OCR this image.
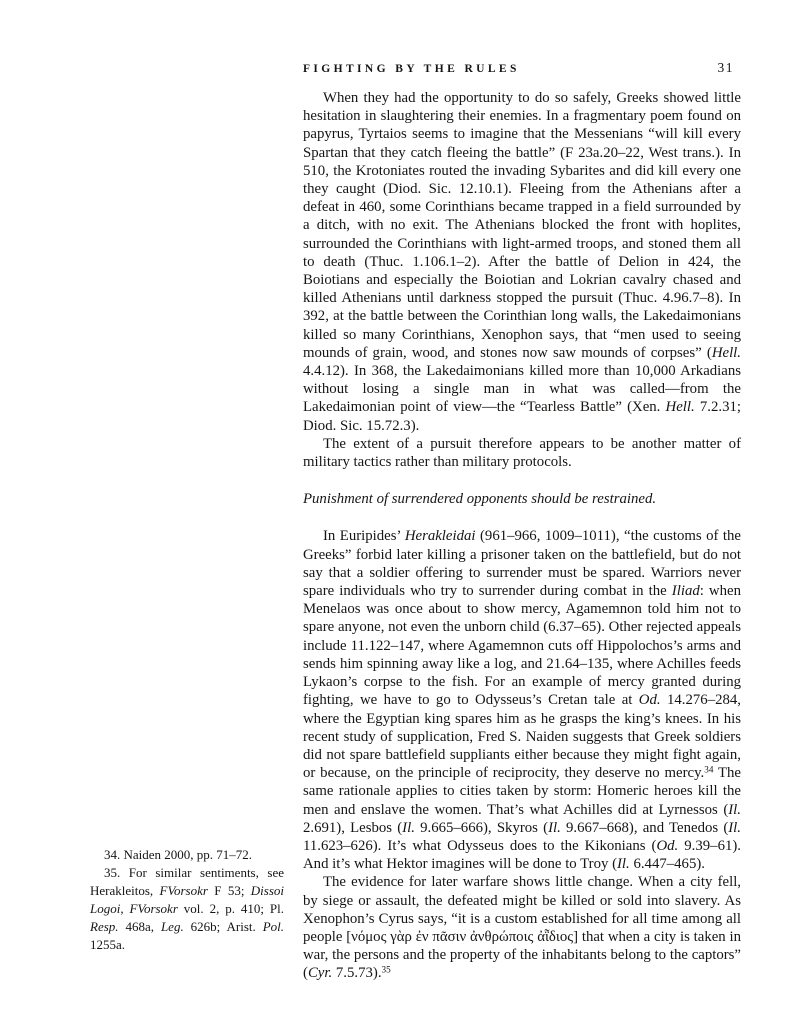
FIGHTING BY THE RULES	31

34. Naiden 2000, pp. 71–72.

35. For similar sentiments, see Herakleitos, FVorsokr F 53; Dissoi Logoi, FVorsokr vol. 2, p. 410; Pl. Resp. 468a, Leg. 626b; Arist. Pol. 1255a.

When they had the opportunity to do so safely, Greeks showed little hesitation in slaughtering their enemies. In a fragmentary poem found on papyrus, Tyrtaios seems to imagine that the Messenians “will kill every Spartan that they catch fleeing the battle” (F 23a.20–22, West trans.). In 510, the Krotoniates routed the invading Sybarites and did kill every one they caught (Diod. Sic. 12.10.1). Fleeing from the Athenians after a defeat in 460, some Corinthians became trapped in a field surrounded by a ditch, with no exit. The Athenians blocked the front with hoplites, surrounded the Corinthians with light-armed troops, and stoned them all to death (Thuc. 1.106.1–2). After the battle of Delion in 424, the Boiotians and especially the Boiotian and Lokrian cavalry chased and killed Athenians until darkness stopped the pursuit (Thuc. 4.96.7–8). In 392, at the battle between the Corinthian long walls, the Lakedaimonians killed so many Corinthians, Xenophon says, that “men used to seeing mounds of grain, wood, and stones now saw mounds of corpses” (Hell. 4.4.12). In 368, the Lakedaimonians killed more than 10,000 Arkadians without losing a single man in what was called—from the Lakedaimonian point of view—the “Tearless Battle” (Xen. Hell. 7.2.31; Diod. Sic. 15.72.3).

The extent of a pursuit therefore appears to be another matter of military tactics rather than military protocols.

Punishment of surrendered opponents should be restrained.

In Euripides’ Herakleidai (961–966, 1009–1011), “the customs of the Greeks” forbid later killing a prisoner taken on the battlefield, but do not say that a soldier offering to surrender must be spared. Warriors never spare individuals who try to surrender during combat in the Iliad: when Menelaos was once about to show mercy, Agamemnon told him not to spare anyone, not even the unborn child (6.37–65). Other rejected appeals include 11.122–147, where Agamemnon cuts off Hippolochos’s arms and sends him spinning away like a log, and 21.64–135, where Achilles feeds Lykaon’s corpse to the fish. For an example of mercy granted during fighting, we have to go to Odysseus’s Cretan tale at Od. 14.276–284, where the Egyptian king spares him as he grasps the king’s knees. In his recent study of supplication, Fred S. Naiden suggests that Greek soldiers did not spare battlefield suppliants either because they might fight again, or because, on the principle of reciprocity, they deserve no mercy.$^{34}$ The same rationale applies to cities taken by storm: Homeric heroes kill the men and enslave the women. That’s what Achilles did at Lyrnessos (Il. 2.691), Lesbos (Il. 9.665–666), Skyros (Il. 9.667–668), and Tenedos (Il. 11.623–626). It’s what Odysseus does to the Kikonians (Od. 9.39–61). And it’s what Hektor imagines will be done to Troy (Il. 6.447–465).

The evidence for later warfare shows little change. When a city fell, by siege or assault, the defeated might be killed or sold into slavery. As Xenophon’s Cyrus says, “it is a custom established for all time among all people [νόμος γὰρ ἐν πᾶσιν ἀνθρώποις ἀῗδιος] that when a city is taken in war, the persons and the property of the inhabitants belong to the captors” (Cyr. 7.5.73).$^{35}$
